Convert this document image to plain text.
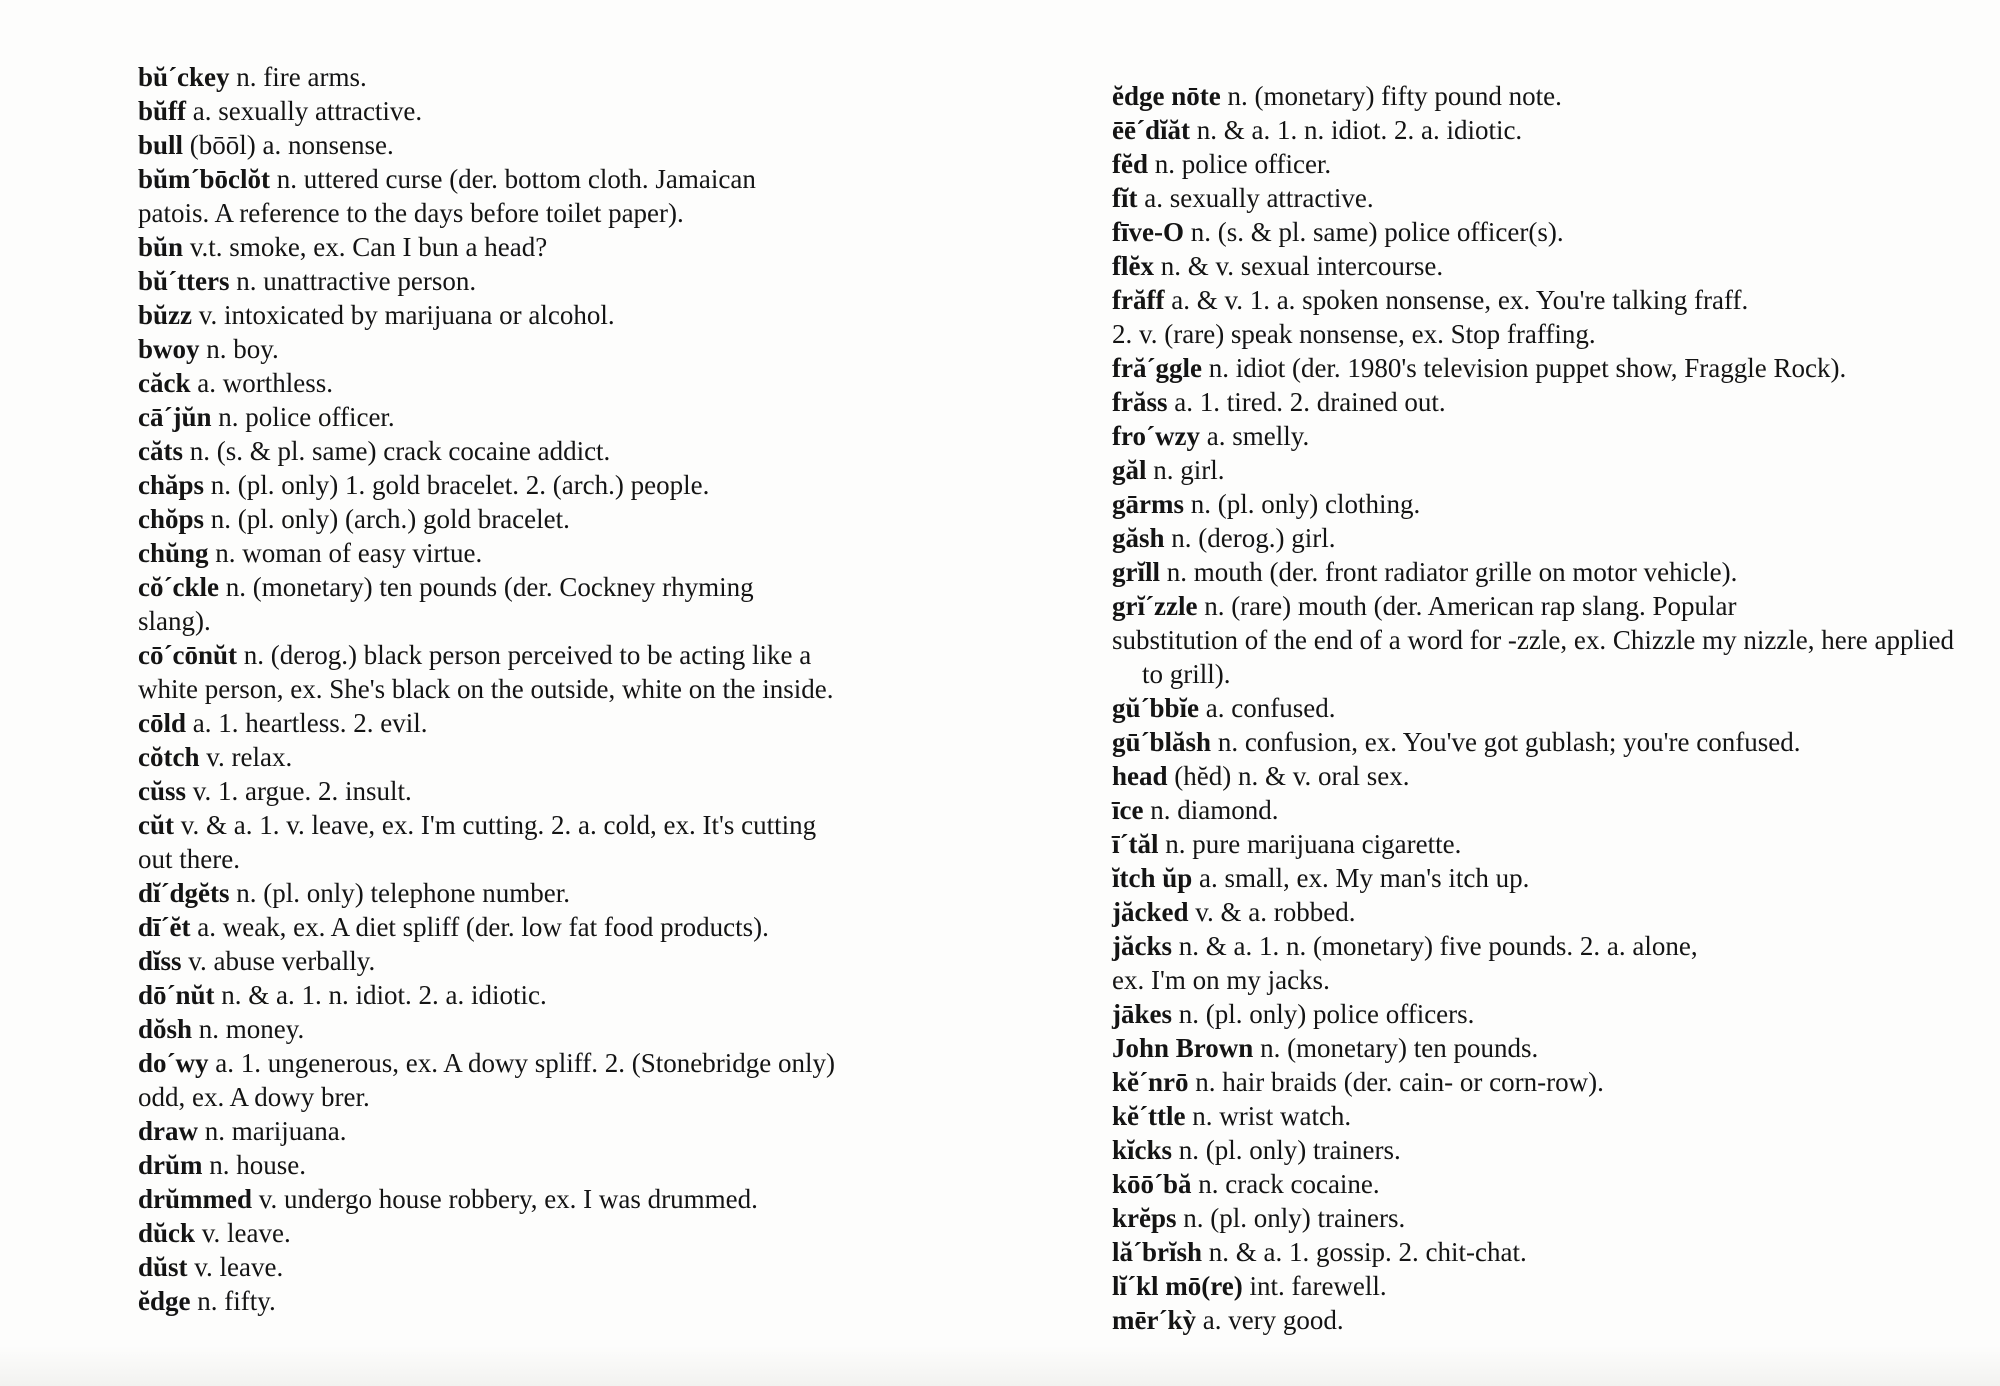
bŭ´ckey n. fire arms.

bŭff a. sexually attractive.

bull (bōōl) a. nonsense.

bŭm´bōclŏt n. uttered curse (der. bottom cloth. Jamaican
patois. A reference to the days before toilet paper).

bŭn v.t. smoke, ex. Can I bun a head?

bŭ´tters n. unattractive person.

bŭzz v. intoxicated by marijuana or alcohol.

bwoy n. boy.

căck a. worthless.

cā´jŭn n. police officer.

căts n. (s. & pl. same) crack cocaine addict.

chăps n. (pl. only) 1. gold bracelet. 2. (arch.) people.

chŏps n. (pl. only) (arch.) gold bracelet.

chŭng n. woman of easy virtue.

cŏ´ckle n. (monetary) ten pounds (der. Cockney rhyming
slang).

cō´cōnŭt n. (derog.) black person perceived to be acting like a
white person, ex. She's black on the outside, white on the inside.

cōld a. 1. heartless. 2. evil.

cŏtch v. relax.

cŭss v. 1. argue. 2. insult.

cŭt v. & a. 1. v. leave, ex. I'm cutting. 2. a. cold, ex. It's cutting
out there.

dĭ´dgĕts n. (pl. only) telephone number.

dī´ĕt a. weak, ex. A diet spliff (der. low fat food products).

dĭss v. abuse verbally.

dō´nŭt n. & a. 1. n. idiot. 2. a. idiotic.

dŏsh n. money.

do´wy a. 1. ungenerous, ex. A dowy spliff. 2. (Stonebridge only)
odd, ex. A dowy brer.

draw n. marijuana.

drŭm n. house.

drŭmmed v. undergo house robbery, ex. I was drummed.

dŭck v. leave.

dŭst v. leave.

ĕdge n. fifty.

ĕdge nōte n. (monetary) fifty pound note.

ēē´dĭăt n. & a. 1. n. idiot. 2. a. idiotic.

fĕd n. police officer.

fĭt a. sexually attractive.

fīve-O n. (s. & pl. same) police officer(s).

flĕx n. & v. sexual intercourse.

frăff a. & v. 1. a. spoken nonsense, ex. You're talking fraff.
2. v. (rare) speak nonsense, ex. Stop fraffing.

fră´ggle n. idiot (der. 1980's television puppet show, Fraggle Rock).

frăss a. 1. tired. 2. drained out.

fro´wzy a. smelly.

găl n. girl.

gārms n. (pl. only) clothing.

găsh n. (derog.) girl.

grĭll n. mouth (der. front radiator grille on motor vehicle).

grĭ´zzle n. (rare) mouth (der. American rap slang. Popular
substitution of the end of a word for -zzle, ex. Chizzle my nizzle, here applied to grill).

gŭ´bbĭe a. confused.

gū´blăsh n. confusion, ex. You've got gublash; you're confused.

head (hĕd) n. & v. oral sex.

īce n. diamond.

ī´tăl n. pure marijuana cigarette.

ĭtch ŭp a. small, ex. My man's itch up.

jăcked v. & a. robbed.

jăcks n. & a. 1. n. (monetary) five pounds. 2. a. alone,
ex. I'm on my jacks.

jākes n. (pl. only) police officers.

John Brown n. (monetary) ten pounds.

kĕ´nrō n. hair braids (der. cain- or corn-row).

kĕ´ttle n. wrist watch.

kĭcks n. (pl. only) trainers.

kōō´bă n. crack cocaine.

krĕps n. (pl. only) trainers.

lă´brĭsh n. & a. 1. gossip. 2. chit-chat.

lĭ´kl mō(re) int. farewell.

mēr´kỳ a. very good.
